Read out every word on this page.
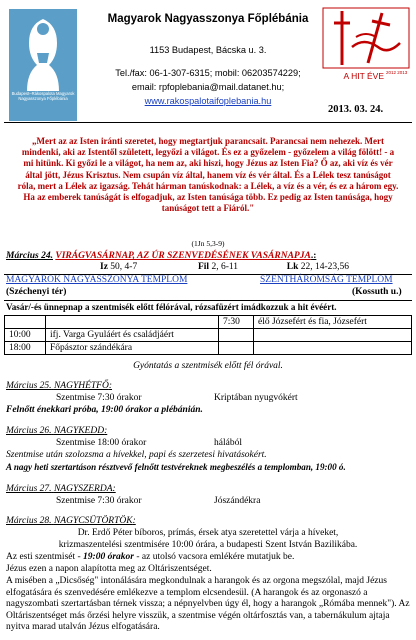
Budapest–Rákospalota Magyarok Nagyasszonya Főplébánia
Magyarok Nagyasszonya Főplébánia
1153 Budapest, Bácska u. 3.
Tel./fax: 06-1-307-6315; mobil: 06203574229;
email: rpfoplebania@mail.datanet.hu;
www.rakospalotaifoplebania.hu
A HIT ÉVE 2012 2013
2013. 03. 24.
„Mert az az Isten iránti szeretet, hogy megtartjuk parancsait. Parancsai nem nehezek. Mert mindenki, aki az Istentől született, legyőzi a világot. És ez a győzelem - győzelem a világ fölött! - a mi hitünk. Ki győzi le a világot, ha nem az, aki hiszi, hogy Jézus az Isten Fia? Ő az, aki víz és vér által jött, Jézus Krisztus. Nem csupán víz által, hanem víz és vér által. És a Lélek tesz tanúságot róla, mert a Lélek az igazság. Tehát hárman tanúskodnak: a Lélek, a víz és a vér, és ez a három egy. Ha az emberek tanúságát is elfogadjuk, az Isten tanúsága több. Ez pedig az Isten tanúsága, hogy tanúságot tett a Fiáról."
(1Jn 5,3-9)
Március 24. VIRÁGVASÁRNAP, AZ ÚR SZENVEDÉSÉNEK VASÁRNAPJA.:
Iz 50, 4-7	Fil 2, 6-11	Lk 22, 14-23,56
MAGYAROK NAGYASSZONYA TEMPLOM	SZENTHÁROMSÁG TEMPLOM
(Széchenyi tér)	(Kossuth u.)
Vasár/-és ünnepnap a szentmisék előtt félórával, rózsafüzért imádkozzuk a hit évéért.
		7:30	élő Józsefért és fia, Józsefért
10:00	ifj. Varga Gyuláért és családjáért		
18:00	Főpásztor szándékára		
Gyóntatás a szentmisék előtt fél órával.
Március 25. NAGYHÉTFŐ:
Szentmise 7:30 órakor	Kriptában nyugvókért
Felnőtt énekkari próba, 19:00 órakor a plébánián.
Március 26. NAGYKEDD:
Szentmise 18:00 órakor	hálából
Szentmise után szolozsma a hívekkel, papi és szerzetesi hivatásokért.
A nagy heti szertartáson résztvevő felnőtt testvéreknek megbeszélés a templomban, 19:00 ó.
Március 27. NAGYSZERDA:
Szentmise 7:30 órakor	Jószándékra
Március 28. NAGYCSÜTÖRTÖK:
Dr. Erdő Péter bíboros, prímás, érsek atya szeretettel várja a híveket,
krizmaszentelési szentmisére 10:00 órára, a budapesti Szent István Bazilikába.
Az esti szentmisét - 19:00 órakor - az utolsó vacsora emlékére mutatjuk be.
Jézus ezen a napon alapította meg az Oltáriszentséget.
A misében a „Dicsőség" intonálására megkondulnak a harangok és az orgona megszólal, majd Jézus elfogatására és szenvedésére emlékezve a templom elcsendesül. (A harangok és az orgonaszó a nagyszombati szertartásban térnek vissza; a népnyelvben úgy él, hogy a harangok „Rómába mennek"). Az Oltáriszentséget más őrzési helyre visszük, a szentmise végén oltárfosztás van, a tabernákulum ajtaja nyitva marad utalván Jézus elfogatására.
